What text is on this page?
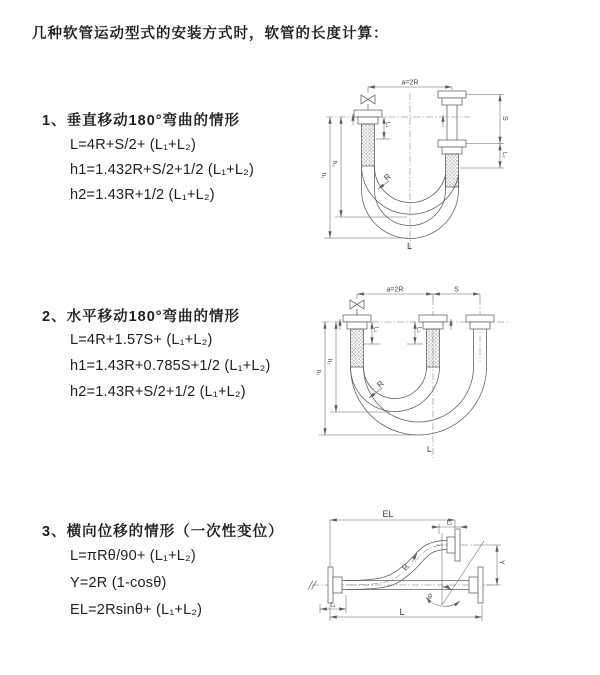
几种软管运动型式的安装方式时，软管的长度计算：
1、垂直移动180°弯曲的情形
L=4R+S/2+ (L₁+L₂)
h1=1.432R+S/2+1/2 (L₁+L₂)
h2=1.43R+1/2 (L₁+L₂)
a=2R
L₁
S
L₂
h₁
h₂
R
L
2、水平移动180°弯曲的情形
L=4R+1.57S+ (L₁+L₂)
h1=1.43R+0.785S+1/2 (L₁+L₂)
h2=1.43R+S/2+1/2 (L₁+L₂)
a=2R	S
L₁	L₂
h₁
h₂
R
L
3、横向位移的情形（一次性变位）
L=πRθ/90+ (L₁+L₂)
Y=2R (1-cosθ)
EL=2Rsinθ+ (L₁+L₂)
EL
L₂
Y
θ
R
L₁
L
